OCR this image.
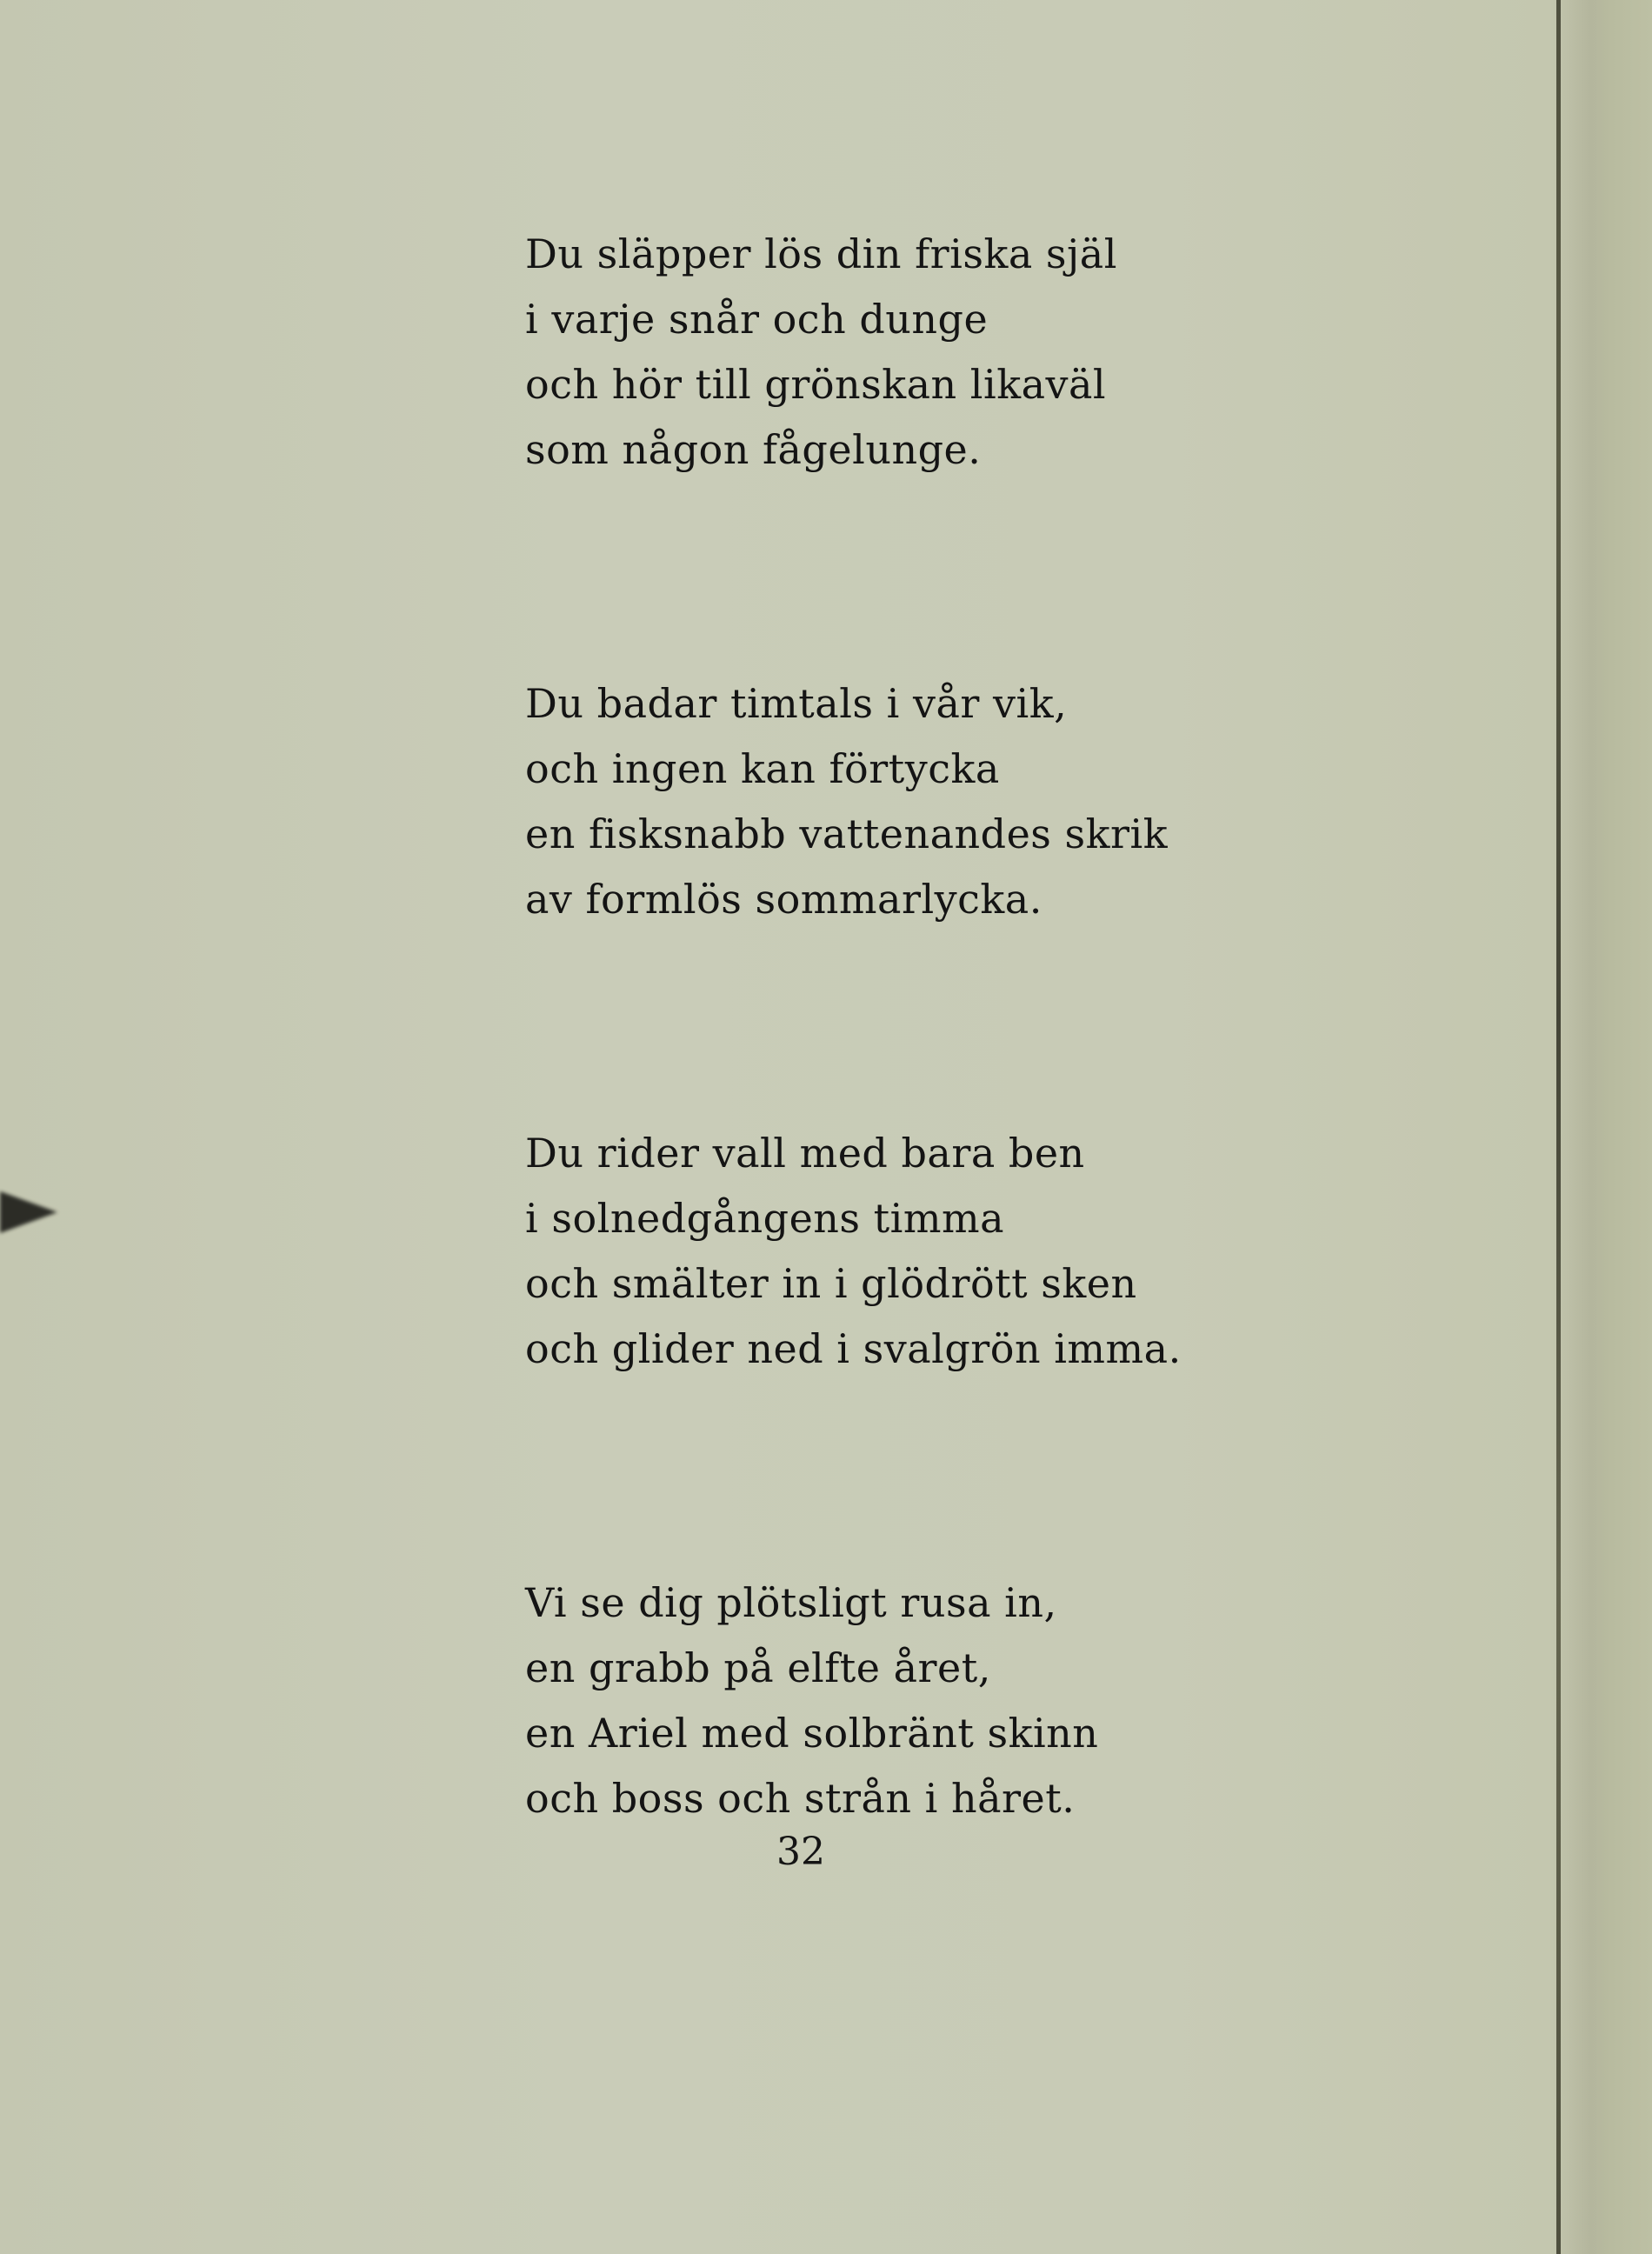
Du släpper lös din friska själ
i varje snår och dunge
och hör till grönskan likaväl
som någon fågelunge.
Du badar timtals i vår vik,
och ingen kan förtycka
en fisksnabb vattenandes skrik
av formlös sommarlycka.
Du rider vall med bara ben
i solnedgångens timma
och smälter in i glödrött sken
och glider ned i svalgrön imma.
Vi se dig plötsligt rusa in,
en grabb på elfte året,
en Ariel med solbränt skinn
och boss och strån i håret.
32
